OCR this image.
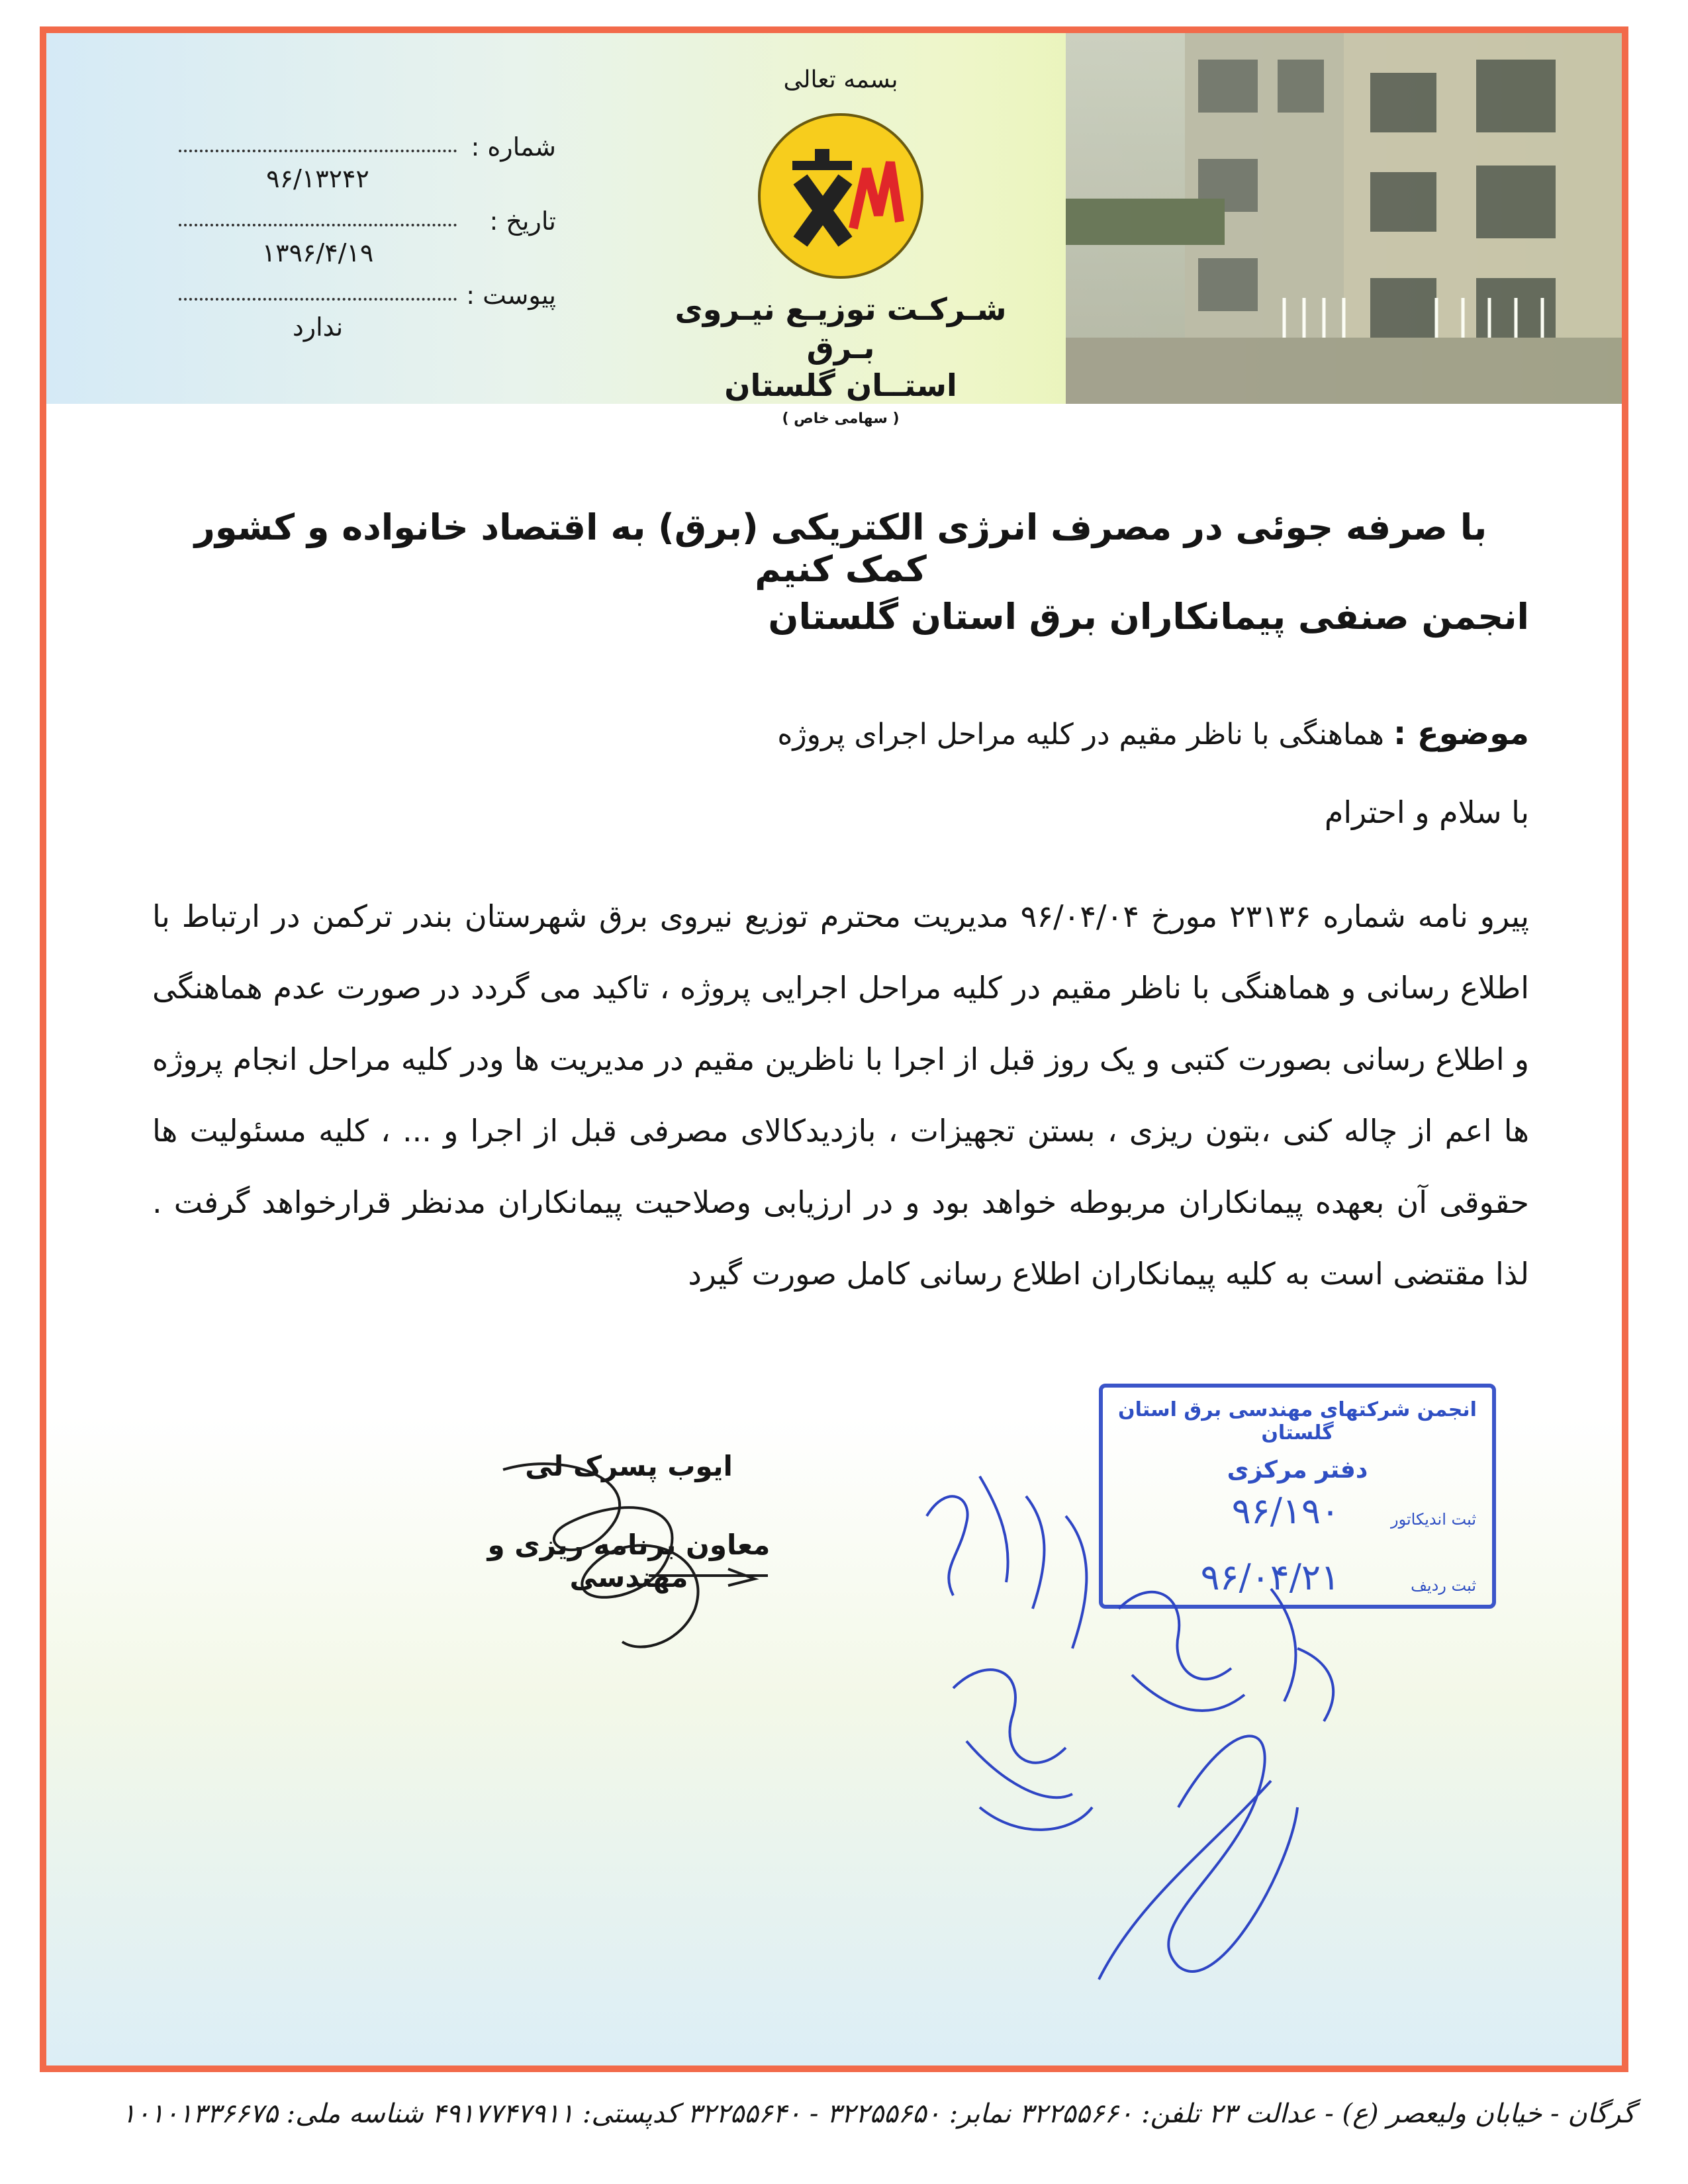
بسمه تعالی
شـرکـت توزیـع نیـروی بـرق
استــان گلستان
( سهامی خاص )
شماره :
۹۶/۱۳۲۴۲
تاریخ :
۱۳۹۶/۴/۱۹
پیوست :
ندارد
با صرفه جوئی در مصرف انرژی الکتریکی (برق) به اقتصاد خانواده و کشور کمک کنیم
انجمن صنفی پیمانکاران برق استان گلستان
موضوع : هماهنگی با ناظر مقیم در کلیه مراحل اجرای پروژه
با سلام و احترام
پیرو نامه شماره ۲۳۱۳۶ مورخ ۹۶/۰۴/۰۴ مدیریت محترم توزیع نیروی برق شهرستان بندر ترکمن در ارتباط با اطلاع رسانی و هماهنگی با ناظر مقیم در کلیه مراحل اجرایی پروژه ، تاکید می گردد در صورت عدم هماهنگی و اطلاع رسانی بصورت کتبی و یک روز قبل از اجرا با ناظرین مقیم در مدیریت ها ودر کلیه مراحل انجام پروژه ها اعم از چاله کنی ،بتون ریزی ، بستن تجهیزات ، بازدیدکالای مصرفی قبل از اجرا و ... ، کلیه مسئولیت ها حقوقی آن بعهده پیمانکاران مربوطه خواهد بود و در ارزیابی وصلاحیت پیمانکاران مدنظر قرارخواهد گرفت . لذا مقتضی است به کلیه پیمانکاران اطلاع رسانی کامل صورت گیرد
ایوب پسرک لی
معاون برنامه ریزی و مهندسی
انجمن شرکتهای مهندسی برق استان گلستان
دفتر مرکزی
ثبت اندیکاتور
۹۶/۱۹۰
ثبت ردیف
۹۶/۰۴/۲۱
گرگان - خیابان ولیعصر (ع) - عدالت ۲۳ تلفن: ۳۲۲۵۵۶۶۰ نمابر: ۳۲۲۵۵۶۵۰ - ۳۲۲۵۵۶۴۰ کدپستی: ۴۹۱۷۷۴۷۹۱۱ شناسه ملی: ۱۰۱۰۱۳۳۶۶۷۵
